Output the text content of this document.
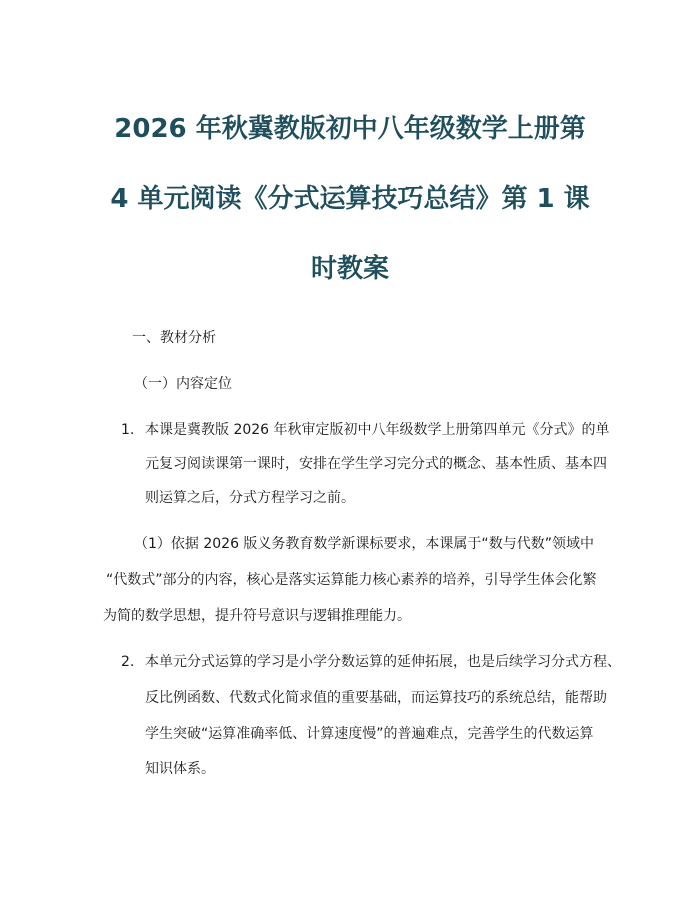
2026 年秋冀教版初中八年级数学上册第
4 单元阅读《分式运算技巧总结》第 1 课
时教案
一、教材分析
（一）内容定位
1. 本课是冀教版 2026 年秋审定版初中八年级数学上册第四单元《分式》的单
元复习阅读课第一课时，安排在学生学习完分式的概念、基本性质、基本四
则运算之后，分式方程学习之前。
（1）依据 2026 版义务教育数学新课标要求，本课属于“数与代数”领域中
“代数式”部分的内容，核心是落实运算能力核心素养的培养，引导学生体会化繁
为简的数学思想，提升符号意识与逻辑推理能力。
2. 本单元分式运算的学习是小学分数运算的延伸拓展，也是后续学习分式方程、
反比例函数、代数式化简求值的重要基础，而运算技巧的系统总结，能帮助
学生突破“运算准确率低、计算速度慢”的普遍难点，完善学生的代数运算
知识体系。
